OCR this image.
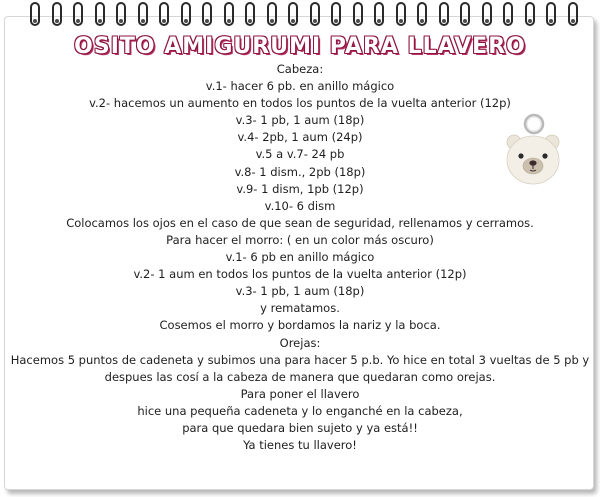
OSITO AMIGURUMI PARA LLAVERO
Cabeza:
v.1- hacer 6 pb. en anillo mágico
v.2- hacemos un aumento en todos los puntos de la vuelta anterior (12p)
v.3- 1 pb, 1 aum (18p)
v.4- 2pb, 1 aum (24p)
v.5 a v.7- 24 pb
v.8- 1 dism., 2pb (18p)
v.9- 1 dism, 1pb (12p)
v.10- 6 dism
Colocamos los ojos en el caso de que sean de seguridad, rellenamos y cerramos.
Para hacer el morro: ( en un color más oscuro)
v.1- 6 pb en anillo mágico
v.2- 1 aum en todos los puntos de la vuelta anterior (12p)
v.3- 1 pb, 1 aum (18p)
y rematamos.
Cosemos el morro y bordamos la nariz y la boca.
Orejas:
Hacemos 5 puntos de cadeneta y subimos una para hacer 5 p.b. Yo hice en total 3 vueltas de 5 pb y
despues las cosí a la cabeza de manera que quedaran como orejas.
Para poner el llavero
hice una pequeña cadeneta y lo enganché en la cabeza,
para que quedara bien sujeto y ya está!!
Ya tienes tu llavero!
